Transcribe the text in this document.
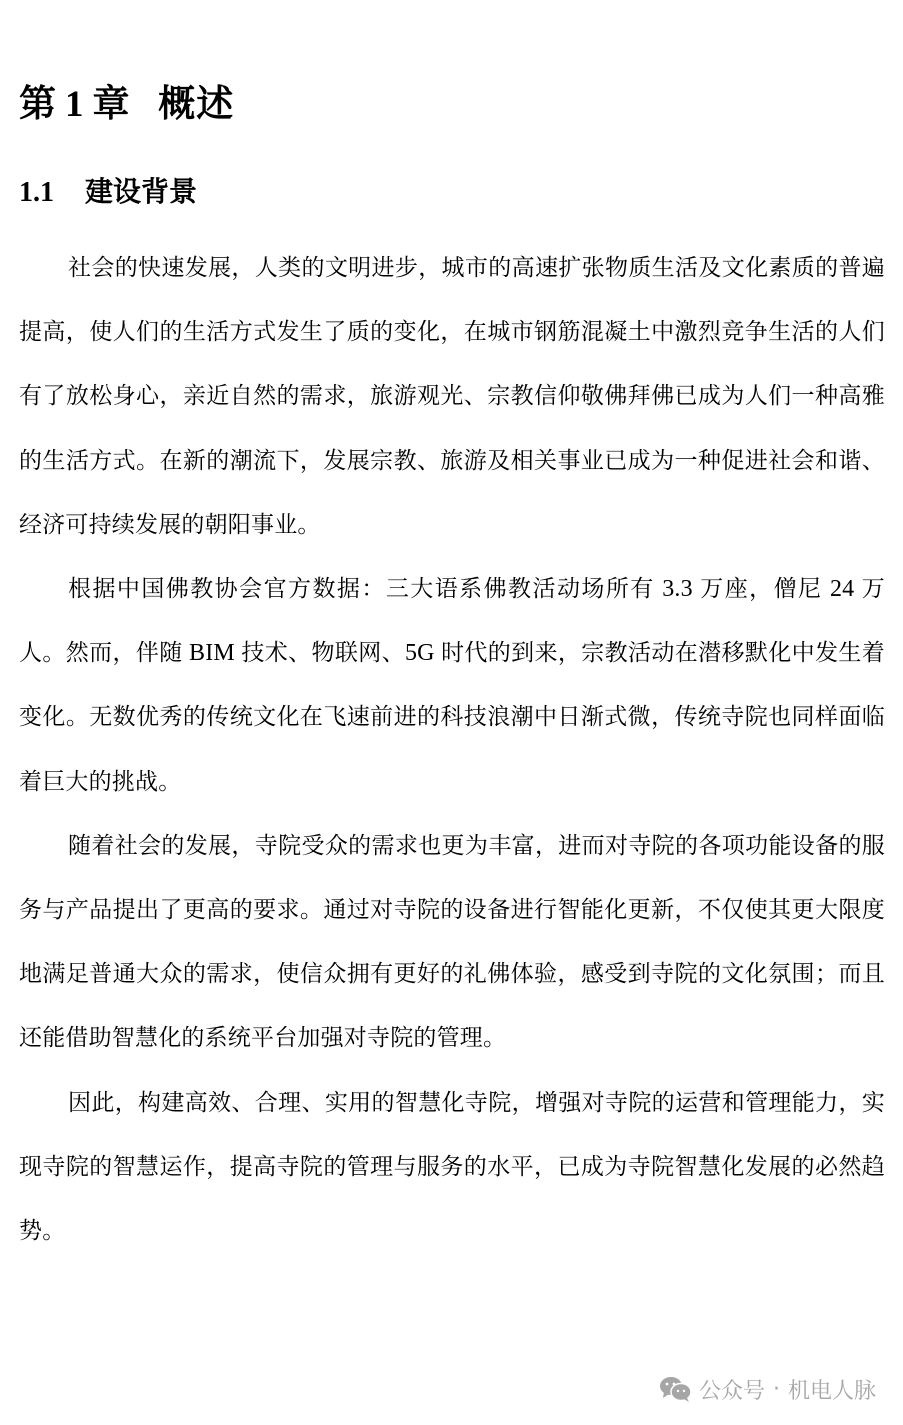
第 1 章 概述
1.1 建设背景

社会的快速发展，人类的文明进步，城市的高速扩张物质生活及文化素质的普遍提高，使人们的生活方式发生了质的变化，在城市钢筋混凝土中激烈竞争生活的人们有了放松身心，亲近自然的需求，旅游观光、宗教信仰敬佛拜佛已成为人们一种高雅的生活方式。在新的潮流下，发展宗教、旅游及相关事业已成为一种促进社会和谐、经济可持续发展的朝阳事业。

根据中国佛教协会官方数据：三大语系佛教活动场所有 3.3 万座，僧尼 24 万人。然而，伴随 BIM 技术、物联网、5G 时代的到来，宗教活动在潜移默化中发生着变化。无数优秀的传统文化在飞速前进的科技浪潮中日渐式微，传统寺院也同样面临着巨大的挑战。

随着社会的发展，寺院受众的需求也更为丰富，进而对寺院的各项功能设备的服务与产品提出了更高的要求。通过对寺院的设备进行智能化更新，不仅使其更大限度地满足普通大众的需求，使信众拥有更好的礼佛体验，感受到寺院的文化氛围；而且还能借助智慧化的系统平台加强对寺院的管理。

因此，构建高效、合理、实用的智慧化寺院，增强对寺院的运营和管理能力，实现寺院的智慧运作，提高寺院的管理与服务的水平，已成为寺院智慧化发展的必然趋势。

公众号 · 机电人脉
